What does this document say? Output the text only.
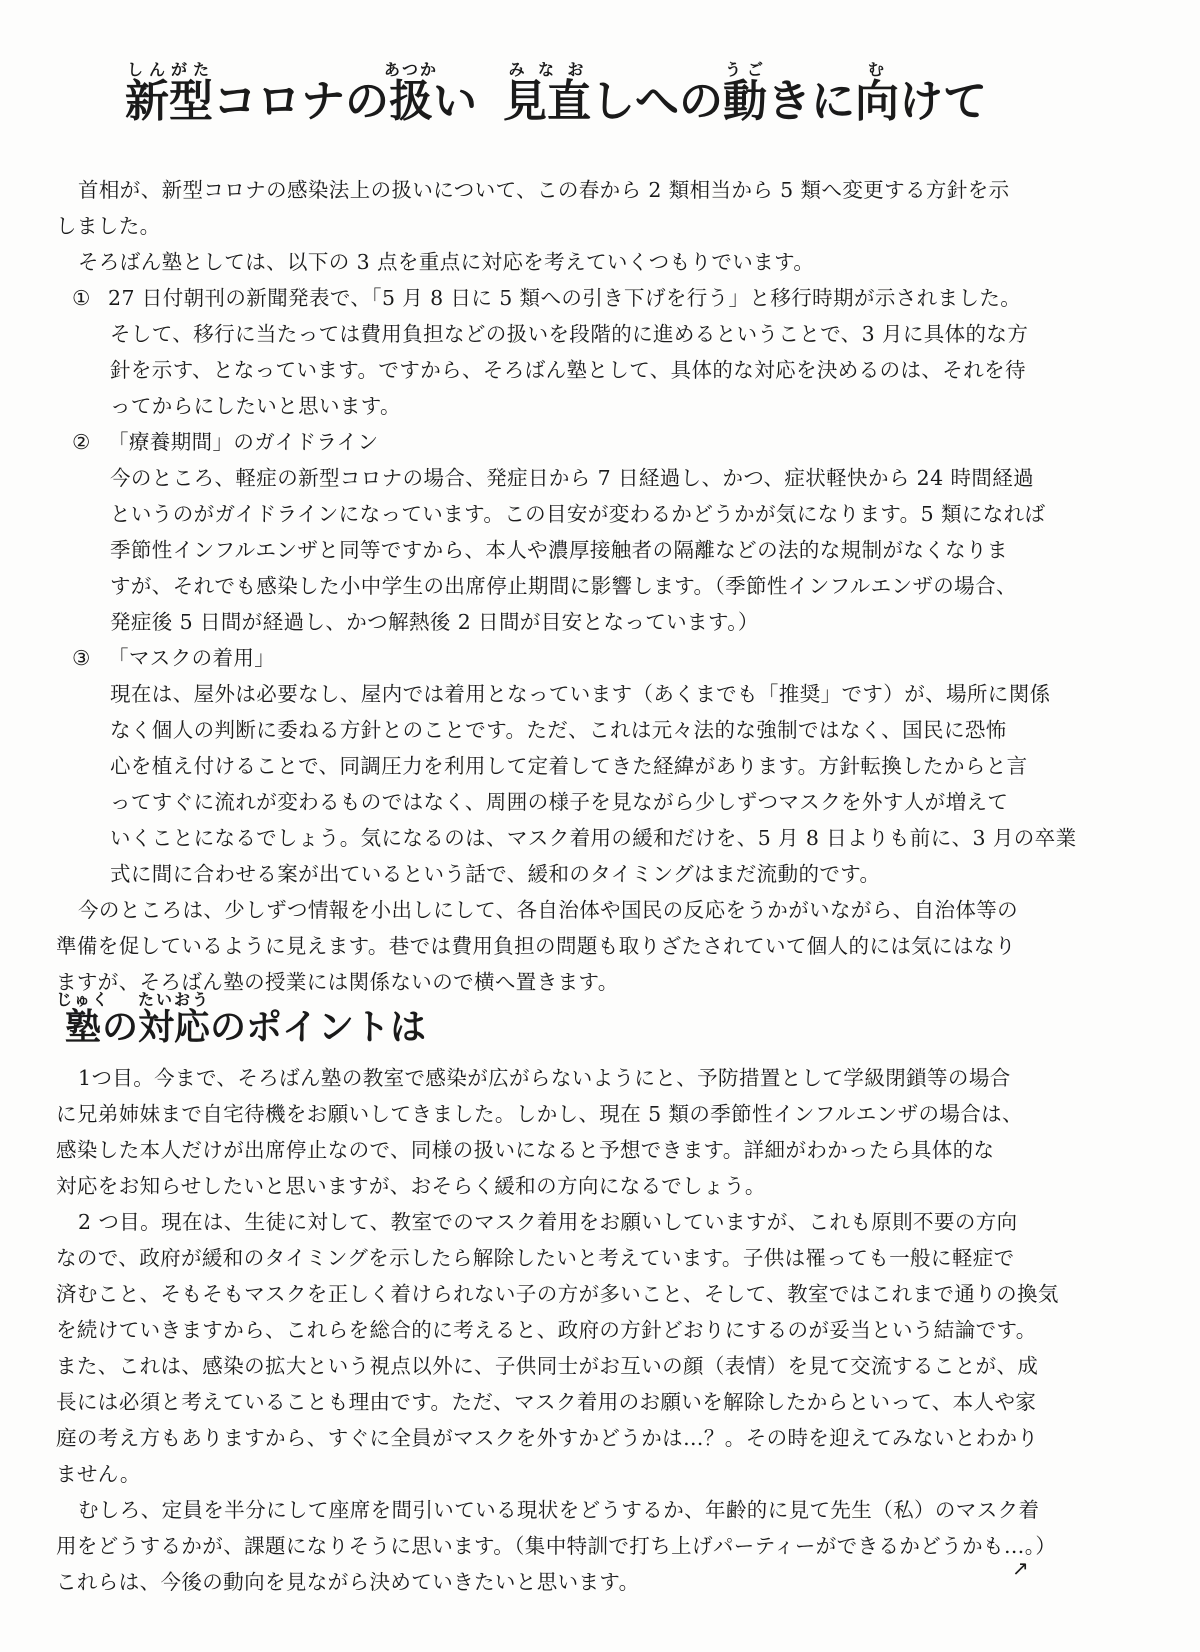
新型しんがたコロナの扱あつかい 見直みなおしへの動うごきに向むけて
首相が、新型コロナの感染法上の扱いについて、この春から 2 類相当から 5 類へ変更する方針を示
しました。
そろばん塾としては、以下の 3 点を重点に対応を考えていくつもりでいます。
① 27 日付朝刊の新聞発表で、「5 月 8 日に 5 類への引き下げを行う」と移行時期が示されました。
そして、移行に当たっては費用負担などの扱いを段階的に進めるということで、3 月に具体的な方
針を示す、となっています。ですから、そろばん塾として、具体的な対応を決めるのは、それを待
ってからにしたいと思います。
② 「療養期間」のガイドライン
今のところ、軽症の新型コロナの場合、発症日から 7 日経過し、かつ、症状軽快から 24 時間経過
というのがガイドラインになっています。この目安が変わるかどうかが気になります。5 類になれば
季節性インフルエンザと同等ですから、本人や濃厚接触者の隔離などの法的な規制がなくなりま
すが、それでも感染した小中学生の出席停止期間に影響します。（季節性インフルエンザの場合、
発症後 5 日間が経過し、かつ解熱後 2 日間が目安となっています。）
③ 「マスクの着用」
現在は、屋外は必要なし、屋内では着用となっています（あくまでも「推奨」です）が、場所に関係
なく個人の判断に委ねる方針とのことです。ただ、これは元々法的な強制ではなく、国民に恐怖
心を植え付けることで、同調圧力を利用して定着してきた経緯があります。方針転換したからと言
ってすぐに流れが変わるものではなく、周囲の様子を見ながら少しずつマスクを外す人が増えて
いくことになるでしょう。気になるのは、マスク着用の緩和だけを、5 月 8 日よりも前に、3 月の卒業
式に間に合わせる案が出ているという話で、緩和のタイミングはまだ流動的です。
今のところは、少しずつ情報を小出しにして、各自治体や国民の反応をうかがいながら、自治体等の
準備を促しているように見えます。巷では費用負担の問題も取りざたされていて個人的には気にはなり
ますが、そろばん塾の授業には関係ないので横へ置きます。
塾じゅくの対応たいおうのポイントは
1つ目。今まで、そろばん塾の教室で感染が広がらないようにと、予防措置として学級閉鎖等の場合
に兄弟姉妹まで自宅待機をお願いしてきました。しかし、現在 5 類の季節性インフルエンザの場合は、
感染した本人だけが出席停止なので、同様の扱いになると予想できます。詳細がわかったら具体的な
対応をお知らせしたいと思いますが、おそらく緩和の方向になるでしょう。
2 つ目。現在は、生徒に対して、教室でのマスク着用をお願いしていますが、これも原則不要の方向
なので、政府が緩和のタイミングを示したら解除したいと考えています。子供は罹っても一般に軽症で
済むこと、そもそもマスクを正しく着けられない子の方が多いこと、そして、教室ではこれまで通りの換気
を続けていきますから、これらを総合的に考えると、政府の方針どおりにするのが妥当という結論です。
また、これは、感染の拡大という視点以外に、子供同士がお互いの顔（表情）を見て交流することが、成
長には必須と考えていることも理由です。ただ、マスク着用のお願いを解除したからといって、本人や家
庭の考え方もありますから、すぐに全員がマスクを外すかどうかは…？。その時を迎えてみないとわかり
ません。
むしろ、定員を半分にして座席を間引いている現状をどうするか、年齢的に見て先生（私）のマスク着
用をどうするかが、課題になりそうに思います。（集中特訓で打ち上げパーティーができるかどうかも…。）
これらは、今後の動向を見ながら決めていきたいと思います。
↗
